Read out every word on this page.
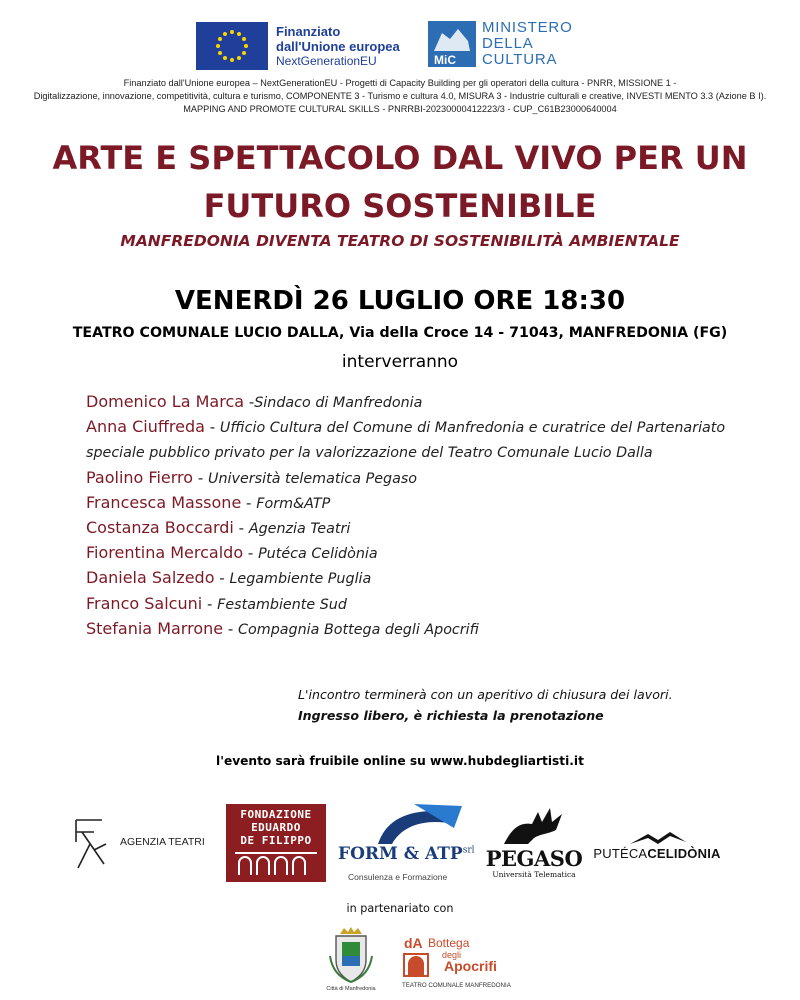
Finanziato
dall'Unione europea
NextGenerationEU	MiC
MINISTERO
DELLA
CULTURA
Finanziato dall'Unione europea – NextGenerationEU - Progetti di Capacity Building per gli operatori della cultura - PNRR, MISSIONE 1 -
Digitalizzazione, innovazione, competitività, cultura e turismo, COMPONENTE 3 - Turismo e cultura 4.0, MISURA 3 - Industrie culturali e creative, INVESTI MENTO 3.3 (Azione B I).
MAPPING AND PROMOTE CULTURAL SKILLS - PNRRBI-20230000412223/3 - CUP_C61B23000640004
ARTE E SPETTACOLO DAL VIVO PER UN
FUTURO SOSTENIBILE
MANFREDONIA DIVENTA TEATRO DI SOSTENIBILITÀ AMBIENTALE
VENERDÌ 26 LUGLIO ORE 18:30
TEATRO COMUNALE LUCIO DALLA, Via della Croce 14 - 71043, MANFREDONIA (FG)
interverranno
Domenico La Marca -Sindaco di Manfredonia
Anna Ciuffreda - Ufficio Cultura del Comune di Manfredonia e curatrice del Partenariato speciale pubblico privato per la valorizzazione del Teatro Comunale Lucio Dalla
Paolino Fierro - Università telematica Pegaso
Francesca Massone - Form&ATP
Costanza Boccardi - Agenzia Teatri
Fiorentina Mercaldo - Putéca Celidònia
Daniela Salzedo - Legambiente Puglia
Franco Salcuni - Festambiente Sud
Stefania Marrone - Compagnia Bottega degli Apocrifi
L'incontro terminerà con un aperitivo di chiusura dei lavori.
Ingresso libero, è richiesta la prenotazione
l'evento sarà fruibile online su www.hubdegliartisti.it
AGENZIA TEATRI
FONDAZIONE
EDUARDO
DE FILIPPO
FORM & $ATP^{srl}$
Consulenza e Formazione
PEGASO
Università Telematica
PUTÉCACELIDÒNIA
in partenariato con
Città di Manfredonia
dA Bottega
degli
Apocrifi
TEATRO COMUNALE MANFREDONIA
